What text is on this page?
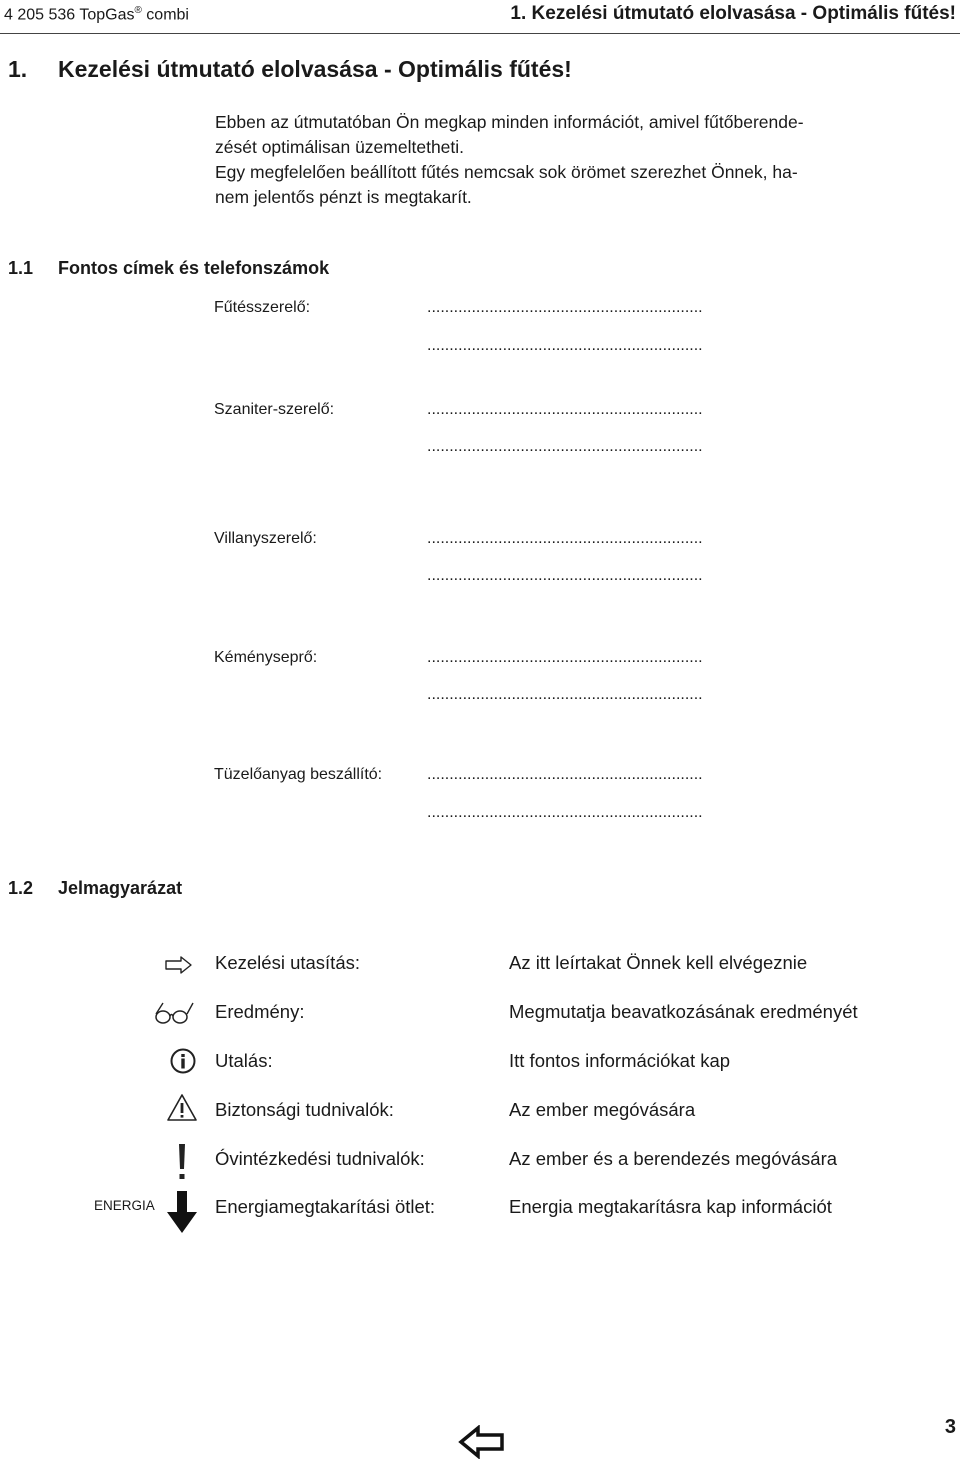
4 205 536 TopGas® combi	1. Kezelési útmutató elolvasása - Optimális fűtés!
1. Kezelési útmutató elolvasása - Optimális fűtés!

Ebben az útmutatóban Ön megkap minden információt, amivel fűtőberende-

zését optimálisan üzemeltetheti.

Egy megfelelően beállított fűtés nemcsak sok örömet szerezhet Önnek, ha-

nem jelentős pénzt is megtakarít.

1.1 Fontos címek és telefonszámok
Fűtésszerelő:	..............................................................
..............................................................
Szaniter-szerelő:	..............................................................
..............................................................
Villanyszerelő:	..............................................................
..............................................................
Kéményseprő:	..............................................................
..............................................................
Tüzelőanyag beszállító:	..............................................................
..............................................................
1.2 Jelmagyarázat
Kezelési utasítás:	Az itt leírtakat Önnek kell elvégeznie
Eredmény:	Megmutatja beavatkozásának eredményét
Utalás:	Itt fontos információkat kap
Biztonsági tudnivalók:	Az ember megóvására
Óvintézkedési tudnivalók:	Az ember és a berendezés megóvására
ENERGIA	Energiamegtakarítási ötlet:	Energia megtakarításra kap információt
3
